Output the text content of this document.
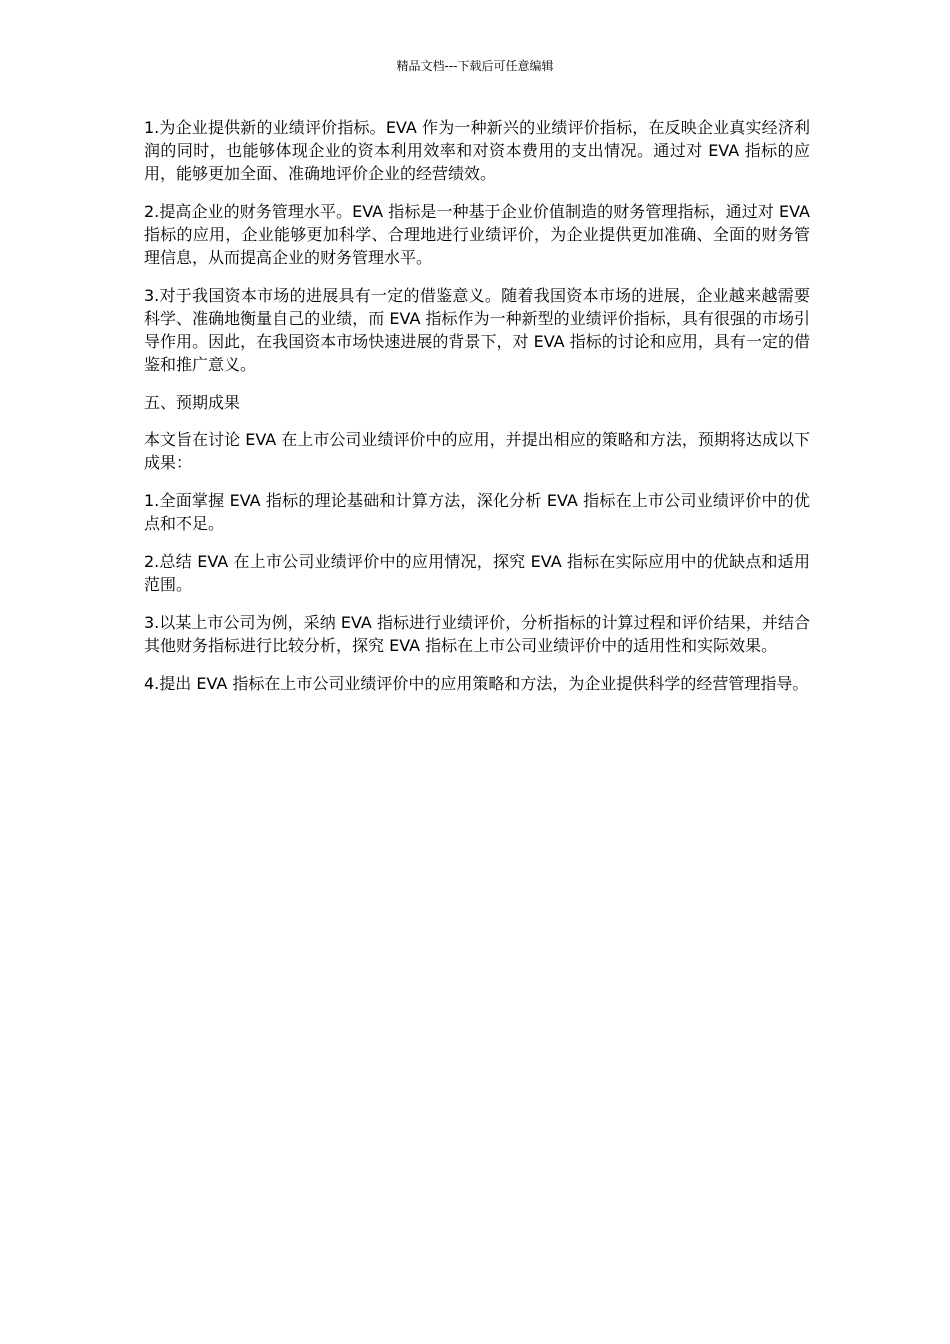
精品文档---下载后可任意编辑

1.为企业提供新的业绩评价指标。EVA 作为一种新兴的业绩评价指标，在反映企业真实经济利润的同时，也能够体现企业的资本利用效率和对资本费用的支出情况。通过对 EVA 指标的应用，能够更加全面、准确地评价企业的经营绩效。

2.提高企业的财务管理水平。EVA 指标是一种基于企业价值制造的财务管理指标，通过对 EVA 指标的应用，企业能够更加科学、合理地进行业绩评价，为企业提供更加准确、全面的财务管理信息，从而提高企业的财务管理水平。

3.对于我国资本市场的进展具有一定的借鉴意义。随着我国资本市场的进展，企业越来越需要科学、准确地衡量自己的业绩，而 EVA 指标作为一种新型的业绩评价指标，具有很强的市场引导作用。因此，在我国资本市场快速进展的背景下，对 EVA 指标的讨论和应用，具有一定的借鉴和推广意义。

五、预期成果

本文旨在讨论 EVA 在上市公司业绩评价中的应用，并提出相应的策略和方法，预期将达成以下成果：

1.全面掌握 EVA 指标的理论基础和计算方法，深化分析 EVA 指标在上市公司业绩评价中的优点和不足。

2.总结 EVA 在上市公司业绩评价中的应用情况，探究 EVA 指标在实际应用中的优缺点和适用范围。

3.以某上市公司为例，采纳 EVA 指标进行业绩评价，分析指标的计算过程和评价结果，并结合其他财务指标进行比较分析，探究 EVA 指标在上市公司业绩评价中的适用性和实际效果。

4.提出 EVA 指标在上市公司业绩评价中的应用策略和方法，为企业提供科学的经营管理指导。
